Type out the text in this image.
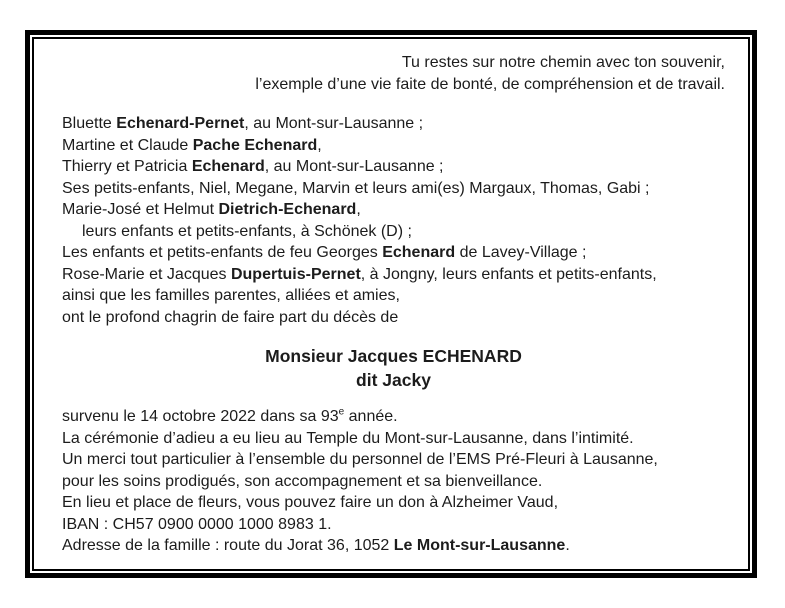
Tu restes sur notre chemin avec ton souvenir,
l’exemple d’une vie faite de bonté, de compréhension et de travail.
Bluette Echenard-Pernet, au Mont-sur-Lausanne ;
Martine et Claude Pache Echenard,
Thierry et Patricia Echenard, au Mont-sur-Lausanne ;
Ses petits-enfants, Niel, Megane, Marvin et leurs ami(es) Margaux, Thomas, Gabi ;
Marie-José et Helmut Dietrich-Echenard,
leurs enfants et petits-enfants, à Schönek (D) ;
Les enfants et petits-enfants de feu Georges Echenard de Lavey-Village ;
Rose-Marie et Jacques Dupertuis-Pernet, à Jongny, leurs enfants et petits-enfants,
ainsi que les familles parentes, alliées et amies,
ont le profond chagrin de faire part du décès de
Monsieur Jacques ECHENARD
dit Jacky
survenu le 14 octobre 2022 dans sa 93e année.
La cérémonie d’adieu a eu lieu au Temple du Mont-sur-Lausanne, dans l’intimité.
Un merci tout particulier à l’ensemble du personnel de l’EMS Pré-Fleuri à Lausanne,
pour les soins prodigués, son accompagnement et sa bienveillance.
En lieu et place de fleurs, vous pouvez faire un don à Alzheimer Vaud,
IBAN : CH57 0900 0000 1000 8983 1.
Adresse de la famille : route du Jorat 36, 1052 Le Mont-sur-Lausanne.
